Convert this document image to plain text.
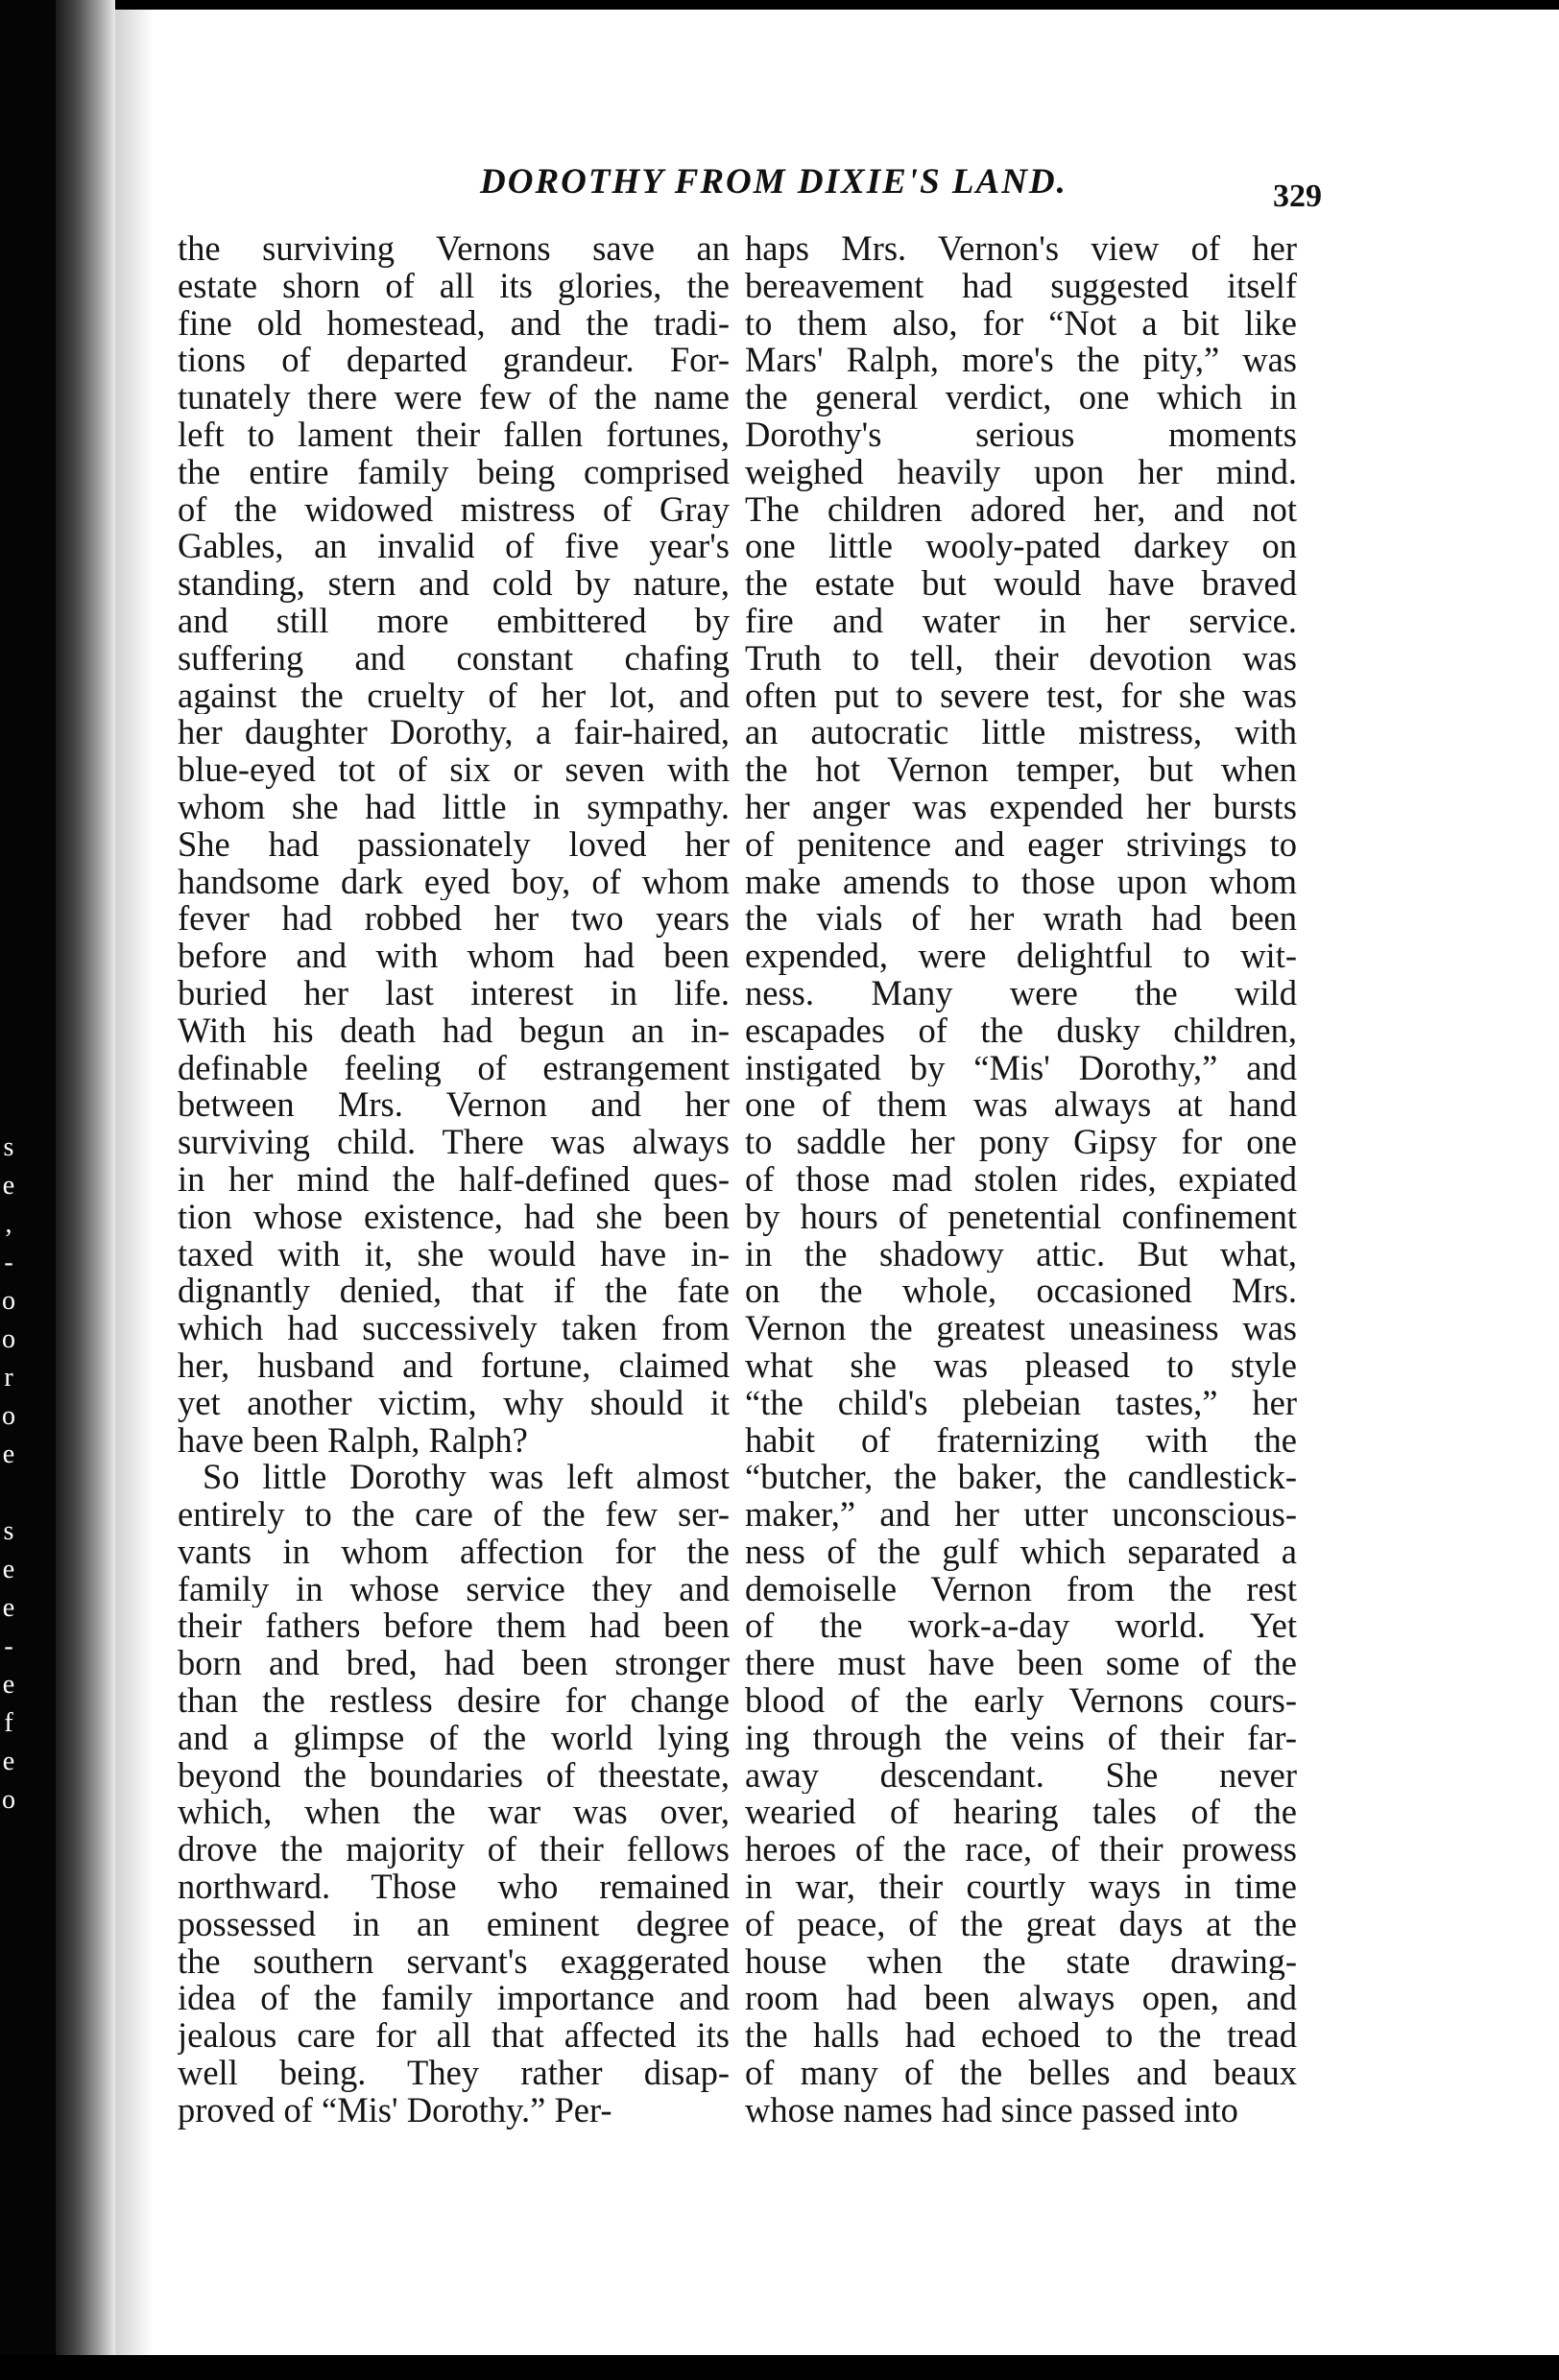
s
e
,
-
o
o
r
o
e
s
e
e
-
e
f
e
o
DOROTHY FROM DIXIE'S LAND.	329
the surviving Vernons save an
estate shorn of all its glories, the
fine old homestead, and the tradi-
tions of departed grandeur. For-
tunately there were few of the name
left to lament their fallen fortunes,
the entire family being comprised
of the widowed mistress of Gray
Gables, an invalid of five year's
standing, stern and cold by nature,
and still more embittered by
suffering and constant chafing
against the cruelty of her lot, and
her daughter Dorothy, a fair-haired,
blue-eyed tot of six or seven with
whom she had little in sympathy.
She had passionately loved her
handsome dark eyed boy, of whom
fever had robbed her two years
before and with whom had been
buried her last interest in life.
With his death had begun an in-
definable feeling of estrangement
between Mrs. Vernon and her
surviving child. There was always
in her mind the half-defined ques-
tion whose existence, had she been
taxed with it, she would have in-
dignantly denied, that if the fate
which had successively taken from
her, husband and fortune, claimed
yet another victim, why should it
have been Ralph, Ralph?
So little Dorothy was left almost
entirely to the care of the few ser-
vants in whom affection for the
family in whose service they and
their fathers before them had been
born and bred, had been stronger
than the restless desire for change
and a glimpse of the world lying
beyond the boundaries of theestate,
which, when the war was over,
drove the majority of their fellows
northward. Those who remained
possessed in an eminent degree
the southern servant's exaggerated
idea of the family importance and
jealous care for all that affected its
well being. They rather disap-
proved of “Mis' Dorothy.” Per-
haps Mrs. Vernon's view of her
bereavement had suggested itself
to them also, for “Not a bit like
Mars' Ralph, more's the pity,” was
the general verdict, one which in
Dorothy's serious moments
weighed heavily upon her mind.
The children adored her, and not
one little wooly-pated darkey on
the estate but would have braved
fire and water in her service.
Truth to tell, their devotion was
often put to severe test, for she was
an autocratic little mistress, with
the hot Vernon temper, but when
her anger was expended her bursts
of penitence and eager strivings to
make amends to those upon whom
the vials of her wrath had been
expended, were delightful to wit-
ness. Many were the wild
escapades of the dusky children,
instigated by “Mis' Dorothy,” and
one of them was always at hand
to saddle her pony Gipsy for one
of those mad stolen rides, expiated
by hours of penetential confinement
in the shadowy attic. But what,
on the whole, occasioned Mrs.
Vernon the greatest uneasiness was
what she was pleased to style
“the child's plebeian tastes,” her
habit of fraternizing with the
“butcher, the baker, the candlestick-
maker,” and her utter unconscious-
ness of the gulf which separated a
demoiselle Vernon from the rest
of the work-a-day world. Yet
there must have been some of the
blood of the early Vernons cours-
ing through the veins of their far-
away descendant. She never
wearied of hearing tales of the
heroes of the race, of their prowess
in war, their courtly ways in time
of peace, of the great days at the
house when the state drawing-
room had been always open, and
the halls had echoed to the tread
of many of the belles and beaux
whose names had since passed into
